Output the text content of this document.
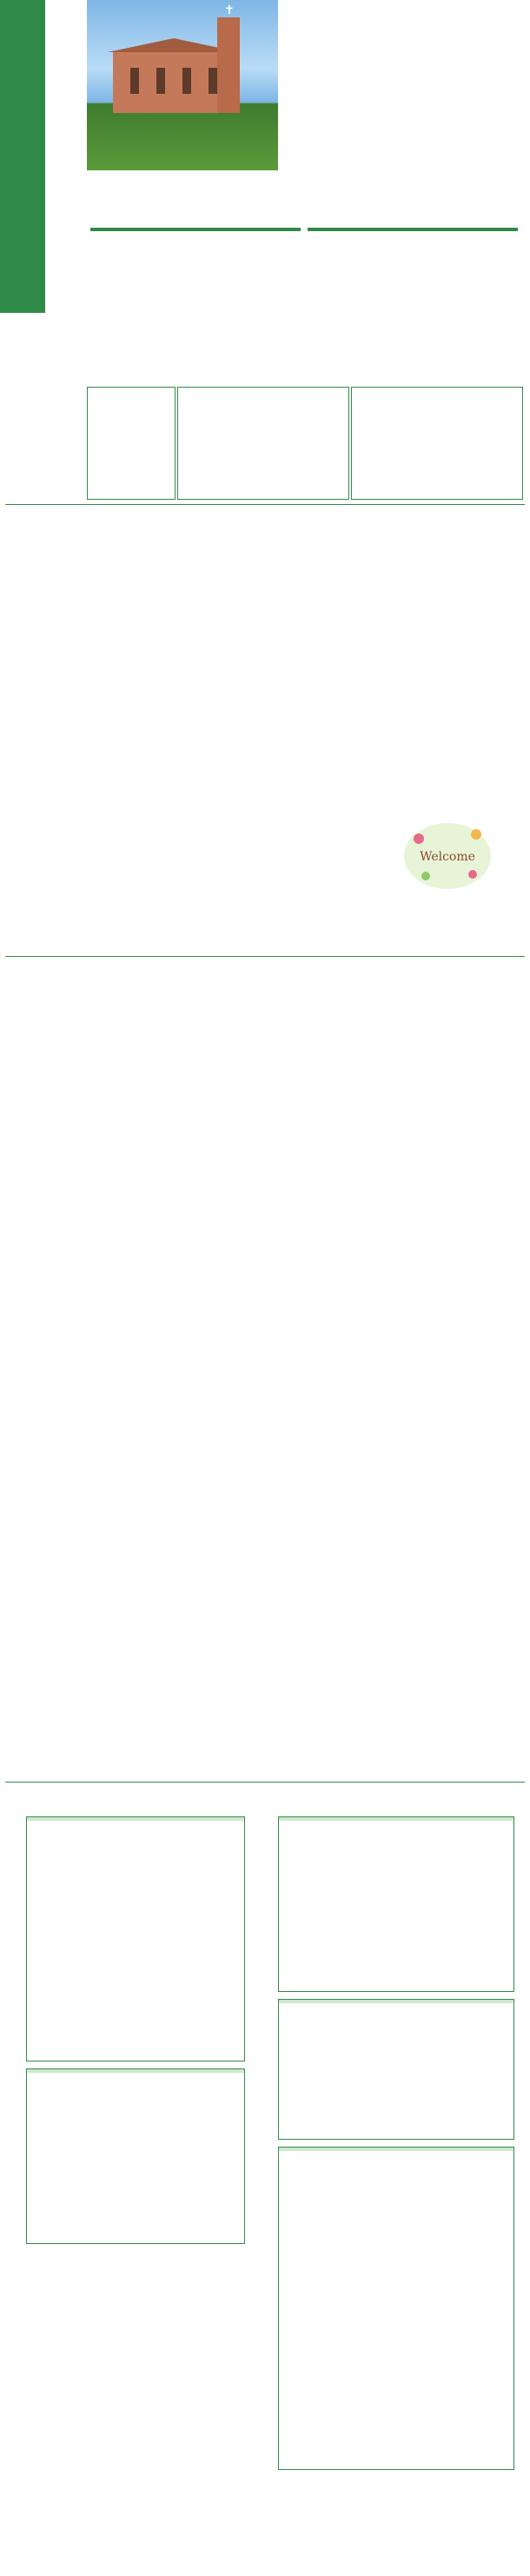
✝
Welcome
